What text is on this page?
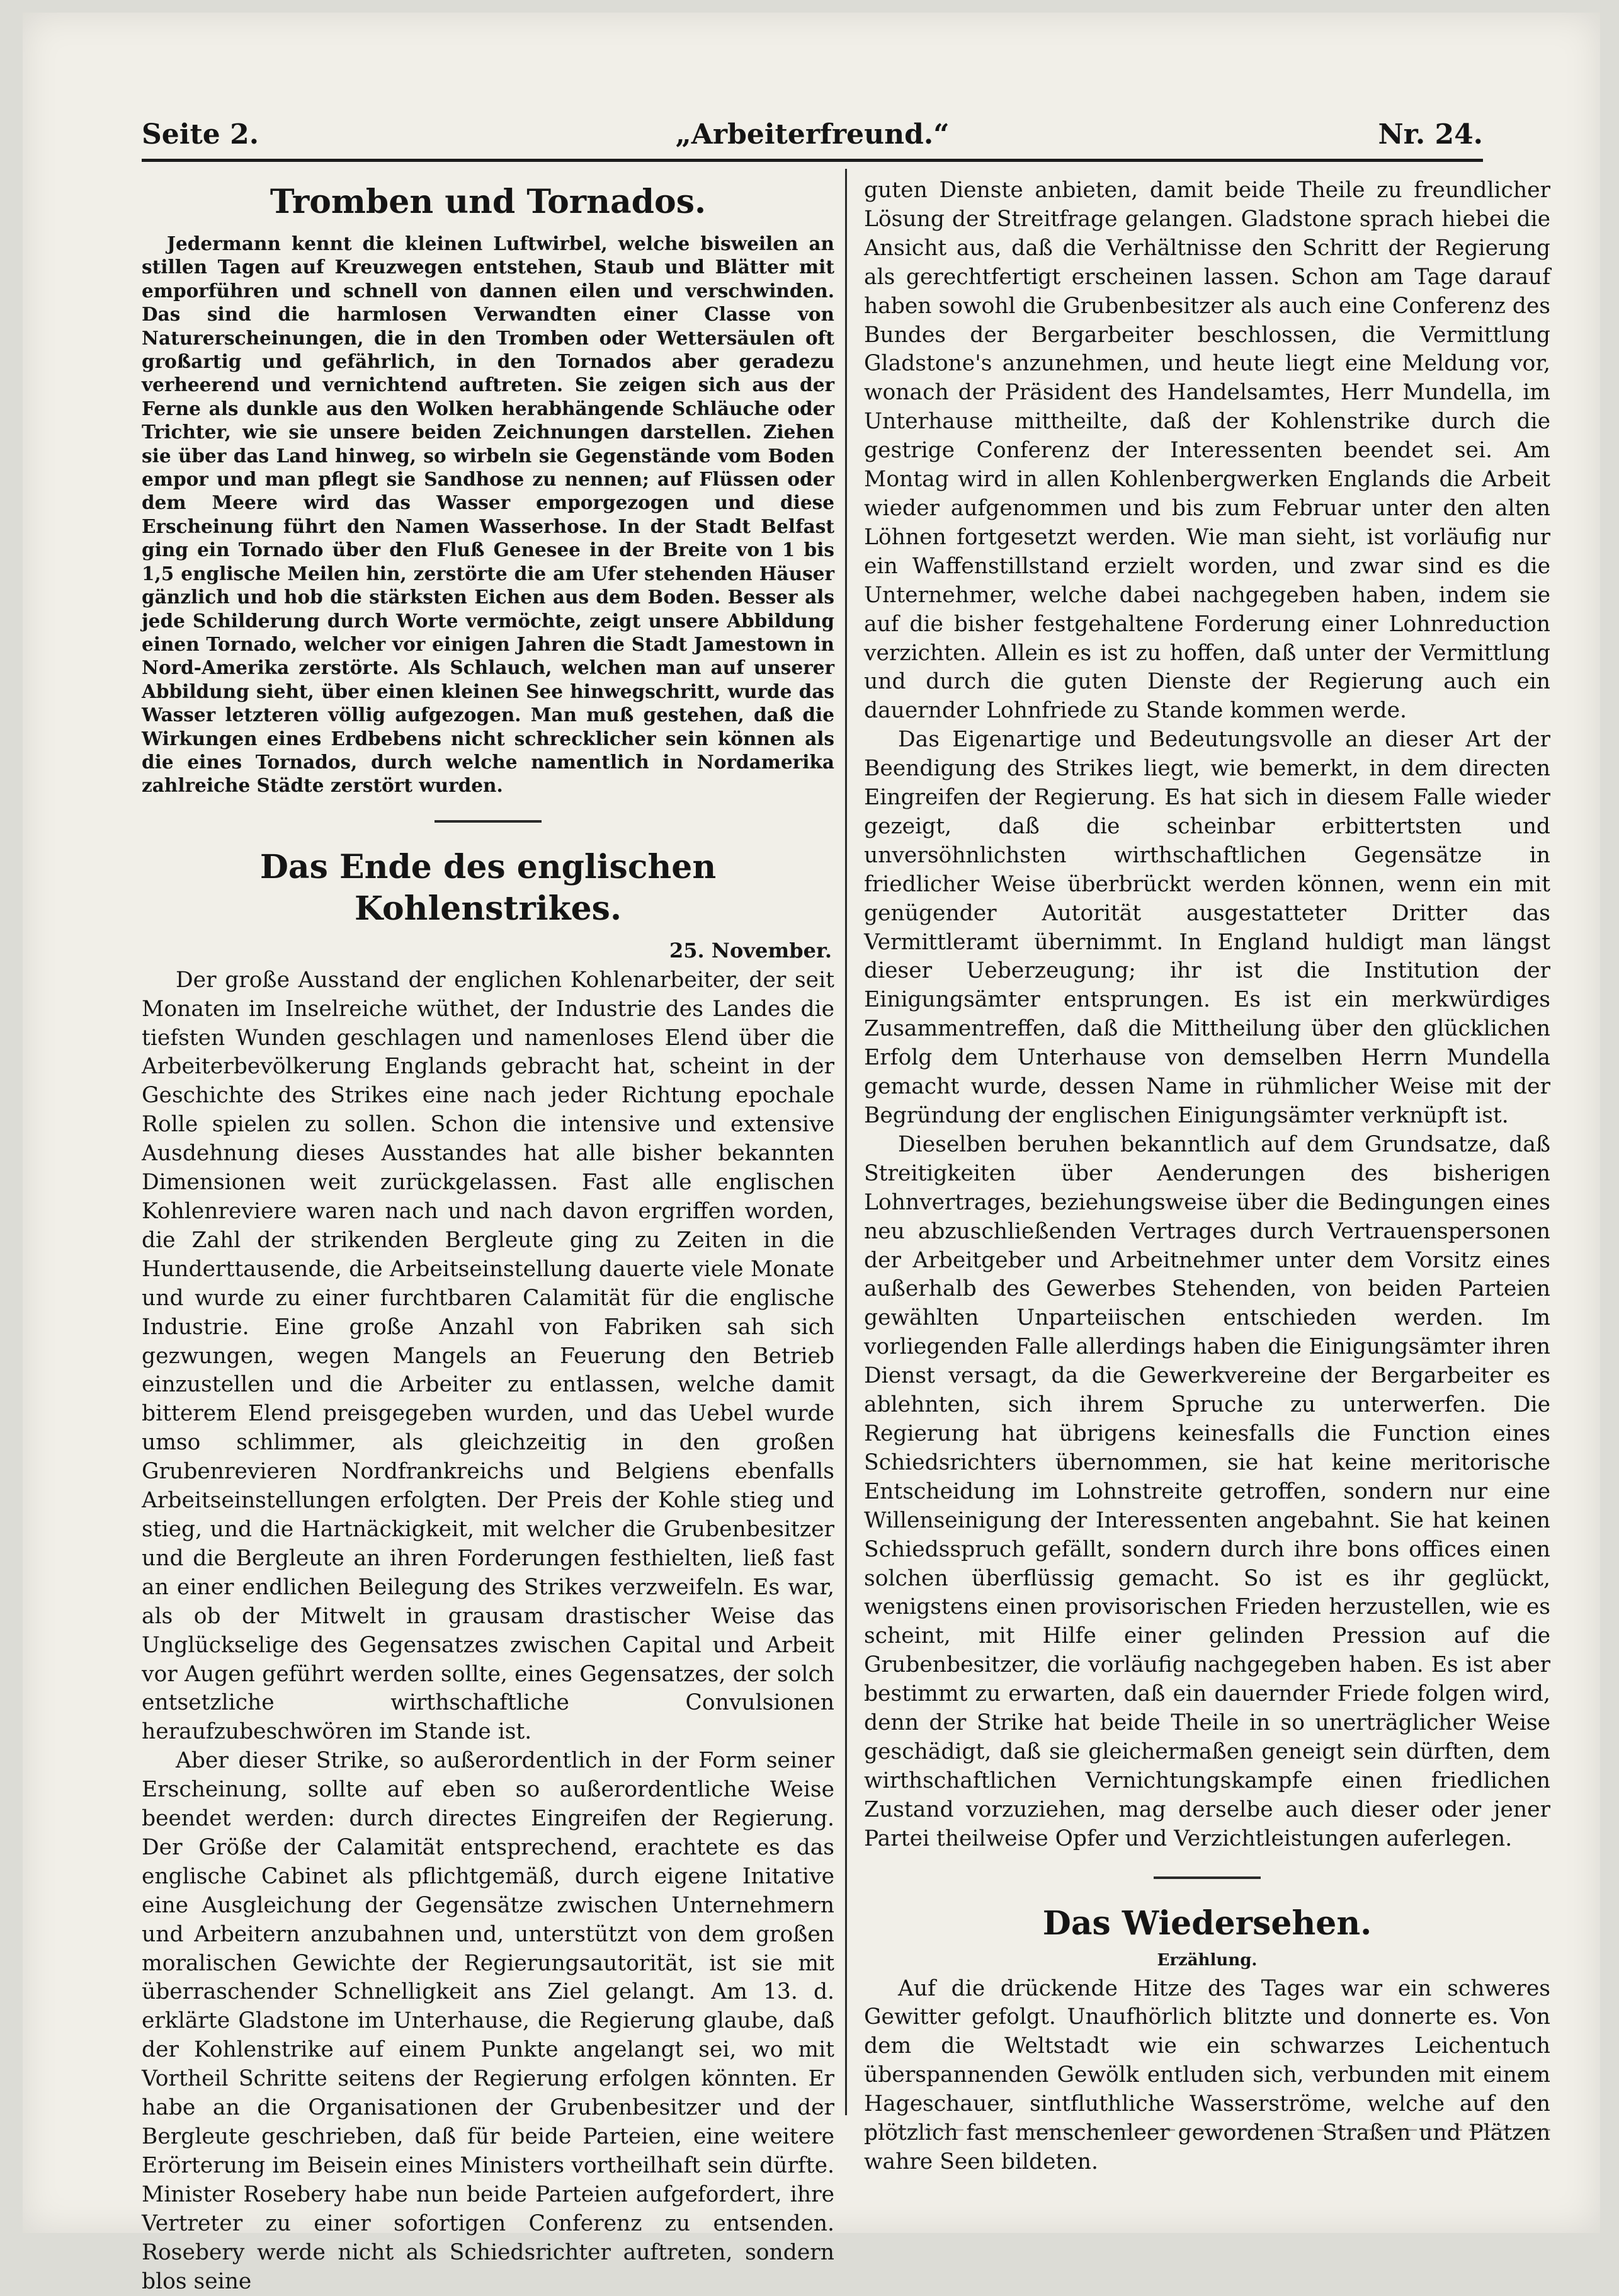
Seite 2.	„Arbeiterfreund.“	Nr. 24.
Tromben und Tornados.

Jedermann kennt die kleinen Luftwirbel, welche bisweilen an stillen Tagen auf Kreuzwegen entstehen, Staub und Blätter mit emporführen und schnell von dannen eilen und verschwinden. Das sind die harmlosen Verwandten einer Classe von Naturerscheinungen, die in den Tromben oder Wettersäulen oft großartig und gefährlich, in den Tornados aber geradezu verheerend und vernichtend auftreten. Sie zeigen sich aus der Ferne als dunkle aus den Wolken herabhängende Schläuche oder Trichter, wie sie unsere beiden Zeichnungen darstellen. Ziehen sie über das Land hinweg, so wirbeln sie Gegenstände vom Boden empor und man pflegt sie Sandhose zu nennen; auf Flüssen oder dem Meere wird das Wasser emporgezogen und diese Erscheinung führt den Namen Wasserhose. In der Stadt Belfast ging ein Tornado über den Fluß Genesee in der Breite von 1 bis 1,5 englische Meilen hin, zerstörte die am Ufer stehenden Häuser gänzlich und hob die stärksten Eichen aus dem Boden. Besser als jede Schilderung durch Worte vermöchte, zeigt unsere Abbildung einen Tornado, welcher vor einigen Jahren die Stadt Jamestown in Nord-Amerika zerstörte. Als Schlauch, welchen man auf unserer Abbildung sieht, über einen kleinen See hinwegschritt, wurde das Wasser letzteren völlig aufgezogen. Man muß gestehen, daß die Wirkungen eines Erdbebens nicht schrecklicher sein können als die eines Tornados, durch welche namentlich in Nordamerika zahlreiche Städte zerstört wurden.

Das Ende des englischen Kohlenstrikes.
25. November.

Der große Ausstand der englichen Kohlenarbeiter, der seit Monaten im Inselreiche wüthet, der Industrie des Landes die tiefsten Wunden geschlagen und namenloses Elend über die Arbeiterbevölkerung Englands gebracht hat, scheint in der Geschichte des Strikes eine nach jeder Richtung epochale Rolle spielen zu sollen. Schon die intensive und extensive Ausdehnung dieses Ausstandes hat alle bisher bekannten Dimensionen weit zurückgelassen. Fast alle englischen Kohlenreviere waren nach und nach davon ergriffen worden, die Zahl der strikenden Bergleute ging zu Zeiten in die Hunderttausende, die Arbeitseinstellung dauerte viele Monate und wurde zu einer furchtbaren Calamität für die englische Industrie. Eine große Anzahl von Fabriken sah sich gezwungen, wegen Mangels an Feuerung den Betrieb einzustellen und die Arbeiter zu entlassen, welche damit bitterem Elend preisgegeben wurden, und das Uebel wurde umso schlimmer, als gleichzeitig in den großen Grubenrevieren Nordfrankreichs und Belgiens ebenfalls Arbeitseinstellungen erfolgten. Der Preis der Kohle stieg und stieg, und die Hartnäckigkeit, mit welcher die Grubenbesitzer und die Bergleute an ihren Forderungen festhielten, ließ fast an einer endlichen Beilegung des Strikes verzweifeln. Es war, als ob der Mitwelt in grausam drastischer Weise das Unglückselige des Gegensatzes zwischen Capital und Arbeit vor Augen geführt werden sollte, eines Gegensatzes, der solch entsetzliche wirthschaftliche Convulsionen heraufzubeschwören im Stande ist.

Aber dieser Strike, so außerordentlich in der Form seiner Erscheinung, sollte auf eben so außerordentliche Weise beendet werden: durch directes Eingreifen der Regierung. Der Größe der Calamität entsprechend, erachtete es das englische Cabinet als pflichtgemäß, durch eigene Initative eine Ausgleichung der Gegensätze zwischen Unternehmern und Arbeitern anzubahnen und, unterstützt von dem großen moralischen Gewichte der Regierungsautorität, ist sie mit überraschender Schnelligkeit ans Ziel gelangt. Am 13. d. erklärte Gladstone im Unterhause, die Regierung glaube, daß der Kohlenstrike auf einem Punkte angelangt sei, wo mit Vortheil Schritte seitens der Regierung erfolgen könnten. Er habe an die Organisationen der Grubenbesitzer und der Bergleute geschrieben, daß für beide Parteien, eine weitere Erörterung im Beisein eines Ministers vortheilhaft sein dürfte. Minister Rosebery habe nun beide Parteien aufgefordert, ihre Vertreter zu einer sofortigen Conferenz zu entsenden. Rosebery werde nicht als Schiedsrichter auftreten, sondern blos seine

guten Dienste anbieten, damit beide Theile zu freundlicher Lösung der Streitfrage gelangen. Gladstone sprach hiebei die Ansicht aus, daß die Verhältnisse den Schritt der Regierung als gerechtfertigt erscheinen lassen. Schon am Tage darauf haben sowohl die Grubenbesitzer als auch eine Conferenz des Bundes der Bergarbeiter beschlossen, die Vermittlung Gladstone's anzunehmen, und heute liegt eine Meldung vor, wonach der Präsident des Handelsamtes, Herr Mundella, im Unterhause mittheilte, daß der Kohlenstrike durch die gestrige Conferenz der Interessenten beendet sei. Am Montag wird in allen Kohlenbergwerken Englands die Arbeit wieder aufgenommen und bis zum Februar unter den alten Löhnen fortgesetzt werden. Wie man sieht, ist vorläufig nur ein Waffenstillstand erzielt worden, und zwar sind es die Unternehmer, welche dabei nachgegeben haben, indem sie auf die bisher festgehaltene Forderung einer Lohnreduction verzichten. Allein es ist zu hoffen, daß unter der Vermittlung und durch die guten Dienste der Regierung auch ein dauernder Lohnfriede zu Stande kommen werde.

Das Eigenartige und Bedeutungsvolle an dieser Art der Beendigung des Strikes liegt, wie bemerkt, in dem directen Eingreifen der Regierung. Es hat sich in diesem Falle wieder gezeigt, daß die scheinbar erbittertsten und unversöhnlichsten wirthschaftlichen Gegensätze in friedlicher Weise überbrückt werden können, wenn ein mit genügender Autorität ausgestatteter Dritter das Vermittleramt übernimmt. In England huldigt man längst dieser Ueberzeugung; ihr ist die Institution der Einigungsämter entsprungen. Es ist ein merkwürdiges Zusammentreffen, daß die Mittheilung über den glücklichen Erfolg dem Unterhause von demselben Herrn Mundella gemacht wurde, dessen Name in rühmlicher Weise mit der Begründung der englischen Einigungsämter verknüpft ist.

Dieselben beruhen bekanntlich auf dem Grundsatze, daß Streitigkeiten über Aenderungen des bisherigen Lohnvertrages, beziehungsweise über die Bedingungen eines neu abzuschließenden Vertrages durch Vertrauenspersonen der Arbeitgeber und Arbeitnehmer unter dem Vorsitz eines außerhalb des Gewerbes Stehenden, von beiden Parteien gewählten Unparteiischen entschieden werden. Im vorliegenden Falle allerdings haben die Einigungsämter ihren Dienst versagt, da die Gewerkvereine der Bergarbeiter es ablehnten, sich ihrem Spruche zu unterwerfen. Die Regierung hat übrigens keinesfalls die Function eines Schiedsrichters übernommen, sie hat keine meritorische Entscheidung im Lohnstreite getroffen, sondern nur eine Willenseinigung der Interessenten angebahnt. Sie hat keinen Schiedsspruch gefällt, sondern durch ihre bons offices einen solchen überflüssig gemacht. So ist es ihr geglückt, wenigstens einen provisorischen Frieden herzustellen, wie es scheint, mit Hilfe einer gelinden Pression auf die Grubenbesitzer, die vorläufig nachgegeben haben. Es ist aber bestimmt zu erwarten, daß ein dauernder Friede folgen wird, denn der Strike hat beide Theile in so unerträglicher Weise geschädigt, daß sie gleichermaßen geneigt sein dürften, dem wirthschaftlichen Vernichtungskampfe einen friedlichen Zustand vorzuziehen, mag derselbe auch dieser oder jener Partei theilweise Opfer und Verzichtleistungen auferlegen.

Das Wiedersehen.
Erzählung.

Auf die drückende Hitze des Tages war ein schweres Gewitter gefolgt. Unaufhörlich blitzte und donnerte es. Von dem die Weltstadt wie ein schwarzes Leichentuch überspannenden Gewölk entluden sich, verbunden mit einem Hageschauer, sintfluthliche Wasserströme, welche auf den plötzlich fast menschenleer gewordenen Straßen und Plätzen wahre Seen bildeten.
